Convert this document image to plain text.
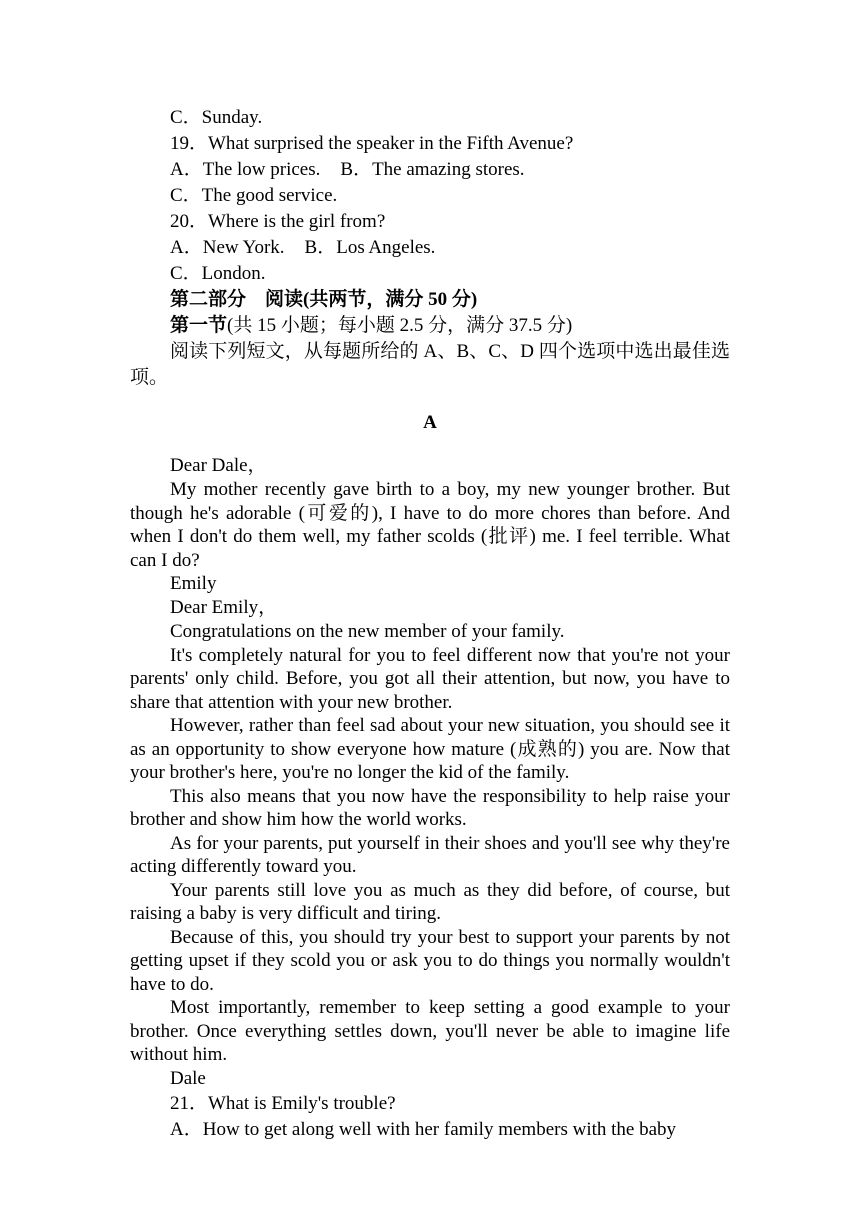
C．Sunday.

19．What surprised the speaker in the Fifth Avenue?

A．The low prices. B．The amazing stores.

C．The good service.

20．Where is the girl from?

A．New York. B．Los Angeles.

C．London.

第二部分　阅读(共两节，满分 50 分)

第一节(共 15 小题；每小题 2.5 分，满分 37.5 分)

阅读下列短文，从每题所给的 A、B、C、D 四个选项中选出最佳选项。

A

Dear Dale，

My mother recently gave birth to a boy, my new younger brother. But though he's adorable (可爱的), I have to do more chores than before. And when I don't do them well, my father scolds (批评) me. I feel terrible. What can I do?

Emily

Dear Emily，

Congratulations on the new member of your family.

It's completely natural for you to feel different now that you're not your parents' only child. Before, you got all their attention, but now, you have to share that attention with your new brother.

However, rather than feel sad about your new situation, you should see it as an opportunity to show everyone how mature (成熟的) you are. Now that your brother's here, you're no longer the kid of the family.

This also means that you now have the responsibility to help raise your brother and show him how the world works.

As for your parents, put yourself in their shoes and you'll see why they're acting differently toward you.

Your parents still love you as much as they did before, of course, but raising a baby is very difficult and tiring.

Because of this, you should try your best to support your parents by not getting upset if they scold you or ask you to do things you normally wouldn't have to do.

Most importantly, remember to keep setting a good example to your brother. Once everything settles down, you'll never be able to imagine life without him.

Dale

21．What is Emily's trouble?

A．How to get along well with her family members with the baby
